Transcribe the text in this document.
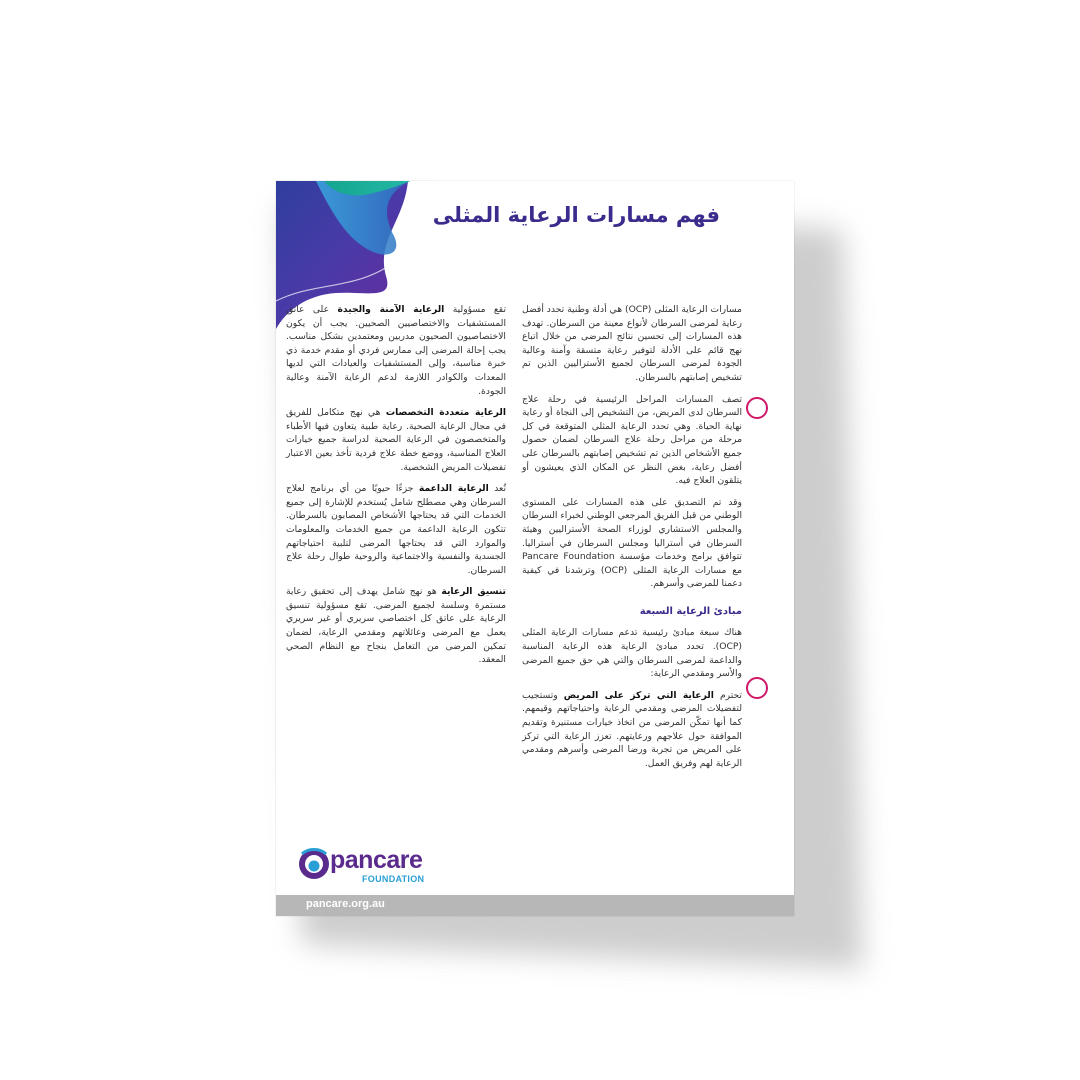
فهم مسارات الرعاية المثلى

مسارات الرعاية المثلى (OCP) هي أدلة وطنية تحدد أفضل رعاية لمرضى السرطان لأنواع معينة من السرطان. تهدف هذه المسارات إلى تحسين نتائج المرضى من خلال اتباع نهج قائم على الأدلة لتوفير رعاية متسقة وآمنة وعالية الجودة لمرضى السرطان لجميع الأستراليين الذين تم تشخيص إصابتهم بالسرطان.

تصف المسارات المراحل الرئيسية في رحلة علاج السرطان لدى المريض، من التشخيص إلى النجاة أو رعاية نهاية الحياة. وهي تحدد الرعاية المثلى المتوقعة في كل مرحلة من مراحل رحلة علاج السرطان لضمان حصول جميع الأشخاص الذين تم تشخيص إصابتهم بالسرطان على أفضل رعاية، بغض النظر عن المكان الذي يعيشون أو يتلقون العلاج فيه.

وقد تم التصديق على هذه المسارات على المستوى الوطني من قبل الفريق المرجعي الوطني لخبراء السرطان والمجلس الاستشاري لوزراء الصحة الأستراليين وهيئة السرطان في أستراليا ومجلس السرطان في أستراليا. تتوافق برامج وخدمات مؤسسة Pancare Foundation مع مسارات الرعاية المثلى (OCP) وترشدنا في كيفية دعمنا للمرضى وأسرهم.

مبادئ الرعاية السبعة

هناك سبعة مبادئ رئيسية تدعم مسارات الرعاية المثلى (OCP). تحدد مبادئ الرعاية هذه الرعاية المناسبة والداعمة لمرضى السرطان والتي هي حق جميع المرضى والأسر ومقدمي الرعاية:

تحترم الرعاية التي تركز على المريض وتستجيب لتفضيلات المرضى ومقدمي الرعاية واحتياجاتهم وقيمهم. كما أنها تمكّن المرضى من اتخاذ خيارات مستنيرة وتقديم الموافقة حول علاجهم ورعايتهم. تعزز الرعاية التي تركز على المريض من تجربة ورضا المرضى وأسرهم ومقدمي الرعاية لهم وفريق العمل.

تقع مسؤولية الرعاية الآمنة والجيدة على عاتق المستشفيات والاختصاصيين الصحيين. يجب أن يكون الاختصاصيون الصحيون مدربين ومعتمدين بشكل مناسب. يجب إحالة المرضى إلى ممارس فردي أو مقدم خدمة ذي خبرة مناسبة، وإلى المستشفيات والعيادات التي لديها المعدات والكوادر اللازمة لدعم الرعاية الآمنة وعالية الجودة.

الرعاية متعددة التخصصات هي نهج متكامل للفريق في مجال الرعاية الصحية. رعاية طبية يتعاون فيها الأطباء والمتخصصون في الرعاية الصحية لدراسة جميع خيارات العلاج المناسبة، ووضع خطة علاج فردية تأخذ بعين الاعتبار تفضيلات المريض الشخصية.

تُعد الرعاية الداعمة جزءًا حيويًا من أي برنامج لعلاج السرطان وهي مصطلح شامل يُستخدم للإشارة إلى جميع الخدمات التي قد يحتاجها الأشخاص المصابون بالسرطان. تتكون الرعاية الداعمة من جميع الخدمات والمعلومات والموارد التي قد يحتاجها المرضى لتلبية احتياجاتهم الجسدية والنفسية والاجتماعية والروحية طوال رحلة علاج السرطان.

تنسيق الرعاية هو نهج شامل يهدف إلى تحقيق رعاية مستمرة وسلسة لجميع المرضى. تقع مسؤولية تنسيق الرعاية على عاتق كل اختصاصي سريري أو غير سريري يعمل مع المرضى وعائلاتهم ومقدمي الرعاية، لضمان تمكين المرضى من التعامل بنجاح مع النظام الصحي المعقد.

pancare
FOUNDATION
pancare.org.au
